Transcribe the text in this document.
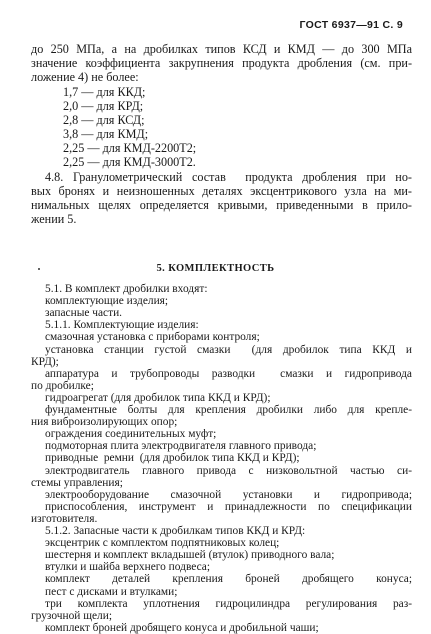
ГОСТ 6937—91 С. 9
до 250 МПа, а на дробилках типов КСД и КМД — до 300 МПа
значение коэффициента закрупнения продукта дробления (см. при-
ложение 4) не более:
1,7 — для ККД;
2,0 — для КРД;
2,8 — для КСД;
3,8 — для КМД;
2,25 — для КМД-2200Т2;
2,25 — для КМД-3000Т2.
4.8. Гранулометрический состав  продукта дробления при но-
вых бронях и неизношенных деталях эксцентрикового узла на ми-
нимальных щелях определяется кривыми, приведенными в прило-
жении 5.
5. КОМПЛЕКТНОСТЬ
5.1. В комплект дробилки входят:
комплектующие изделия;
запасные части.
5.1.1. Комплектующие изделия:
смазочная установка с приборами контроля;
установка станции густой смазки  (для дробилок типа ККД и
КРД);
аппаратура и трубопроводы разводки  смазки и гидропривода
по дробилке;
гидроагрегат (для дробилок типа ККД и КРД);
фундаментные болты для крепления дробилки либо для крепле-
ния виброизолирующих опор;
ограждения соединительных муфт;
подмоторная плита электродвигателя главного привода;
приводные  ремни  (для дробилок типа ККД и КРД);
электродвигатель главного привода с низковольтной частью си-
стемы управления;
электрооборудование  смазочной  установки  и  гидропривода;
приспособления, инструмент и принадлежности по спецификации
изготовителя.
5.1.2. Запасные части к дробилкам типов ККД и КРД:
эксцентрик с комплектом подпятниковых колец;
шестерня и комплект вкладышей (втулок) приводного вала;
втулки и шайба верхнего подвеса;
комплект деталей крепления броней дробящего конуса;
пест с дисками и втулками;
три комплекта уплотнения гидроцилиндра регулирования раз-
грузочной щели;
комплект броней дробящего конуса и дробильной чаши;
